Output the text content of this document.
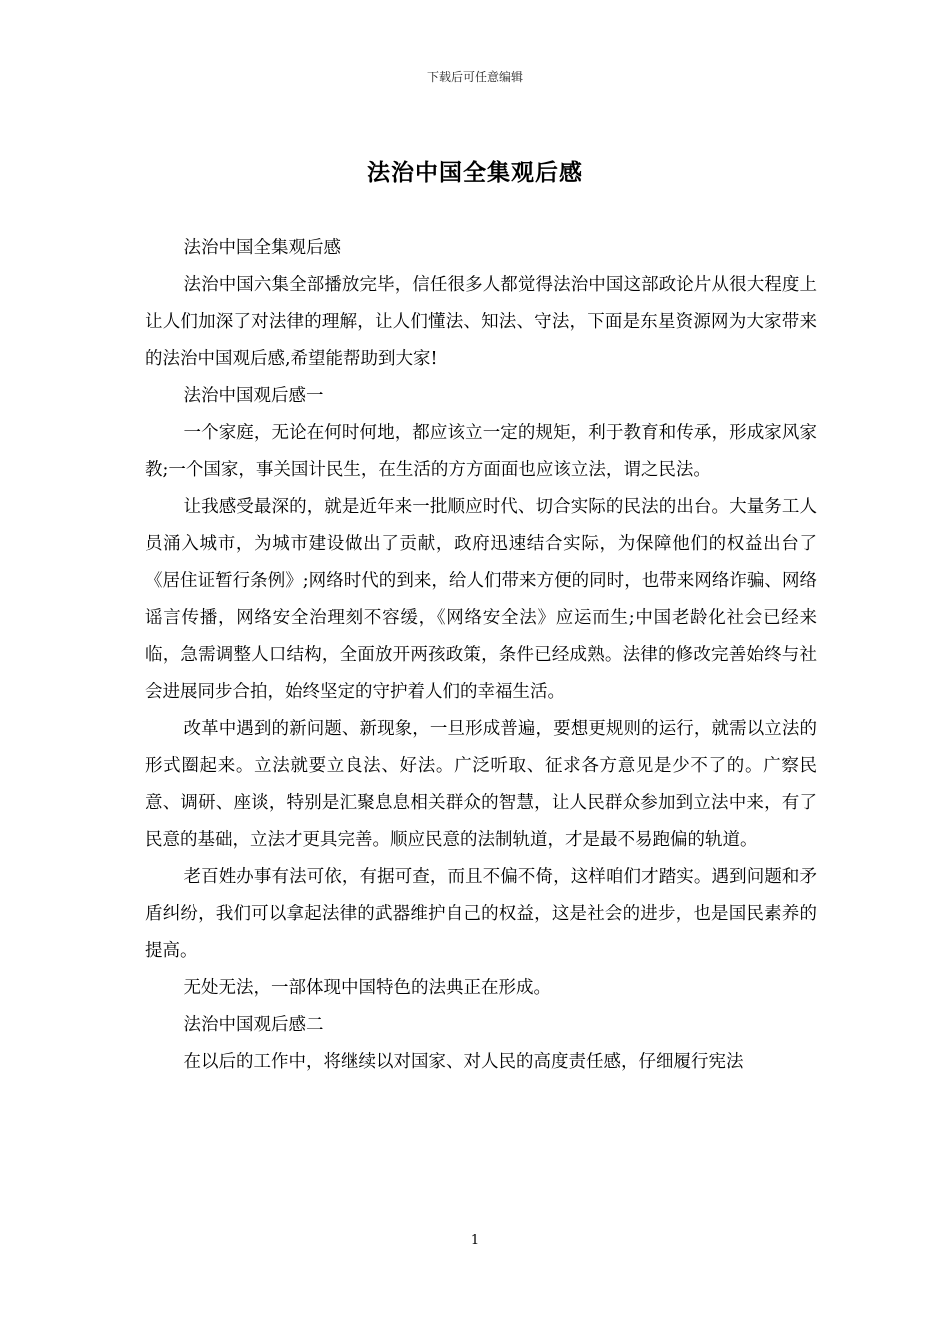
下载后可任意编辑
法治中国全集观后感

法治中国全集观后感

法治中国六集全部播放完毕，信任很多人都觉得法治中国这部政论片从很大程度上让人们加深了对法律的理解，让人们懂法、知法、守法，下面是东星资源网为大家带来的法治中国观后感,希望能帮助到大家!

法治中国观后感一

一个家庭，无论在何时何地，都应该立一定的规矩，利于教育和传承，形成家风家教;一个国家，事关国计民生，在生活的方方面面也应该立法，谓之民法。

让我感受最深的，就是近年来一批顺应时代、切合实际的民法的出台。大量务工人员涌入城市，为城市建设做出了贡献，政府迅速结合实际，为保障他们的权益出台了《居住证暂行条例》;网络时代的到来，给人们带来方便的同时，也带来网络诈骗、网络谣言传播，网络安全治理刻不容缓，《网络安全法》应运而生;中国老龄化社会已经来临，急需调整人口结构，全面放开两孩政策，条件已经成熟。法律的修改完善始终与社会进展同步合拍，始终坚定的守护着人们的幸福生活。

改革中遇到的新问题、新现象，一旦形成普遍，要想更规则的运行，就需以立法的形式圈起来。立法就要立良法、好法。广泛听取、征求各方意见是少不了的。广察民意、调研、座谈，特别是汇聚息息相关群众的智慧，让人民群众参加到立法中来，有了民意的基础，立法才更具完善。顺应民意的法制轨道，才是最不易跑偏的轨道。

老百姓办事有法可依，有据可查，而且不偏不倚，这样咱们才踏实。遇到问题和矛盾纠纷，我们可以拿起法律的武器维护自己的权益，这是社会的进步，也是国民素养的提高。

无处无法，一部体现中国特色的法典正在形成。

法治中国观后感二

在以后的工作中，将继续以对国家、对人民的高度责任感，仔细履行宪法

1
